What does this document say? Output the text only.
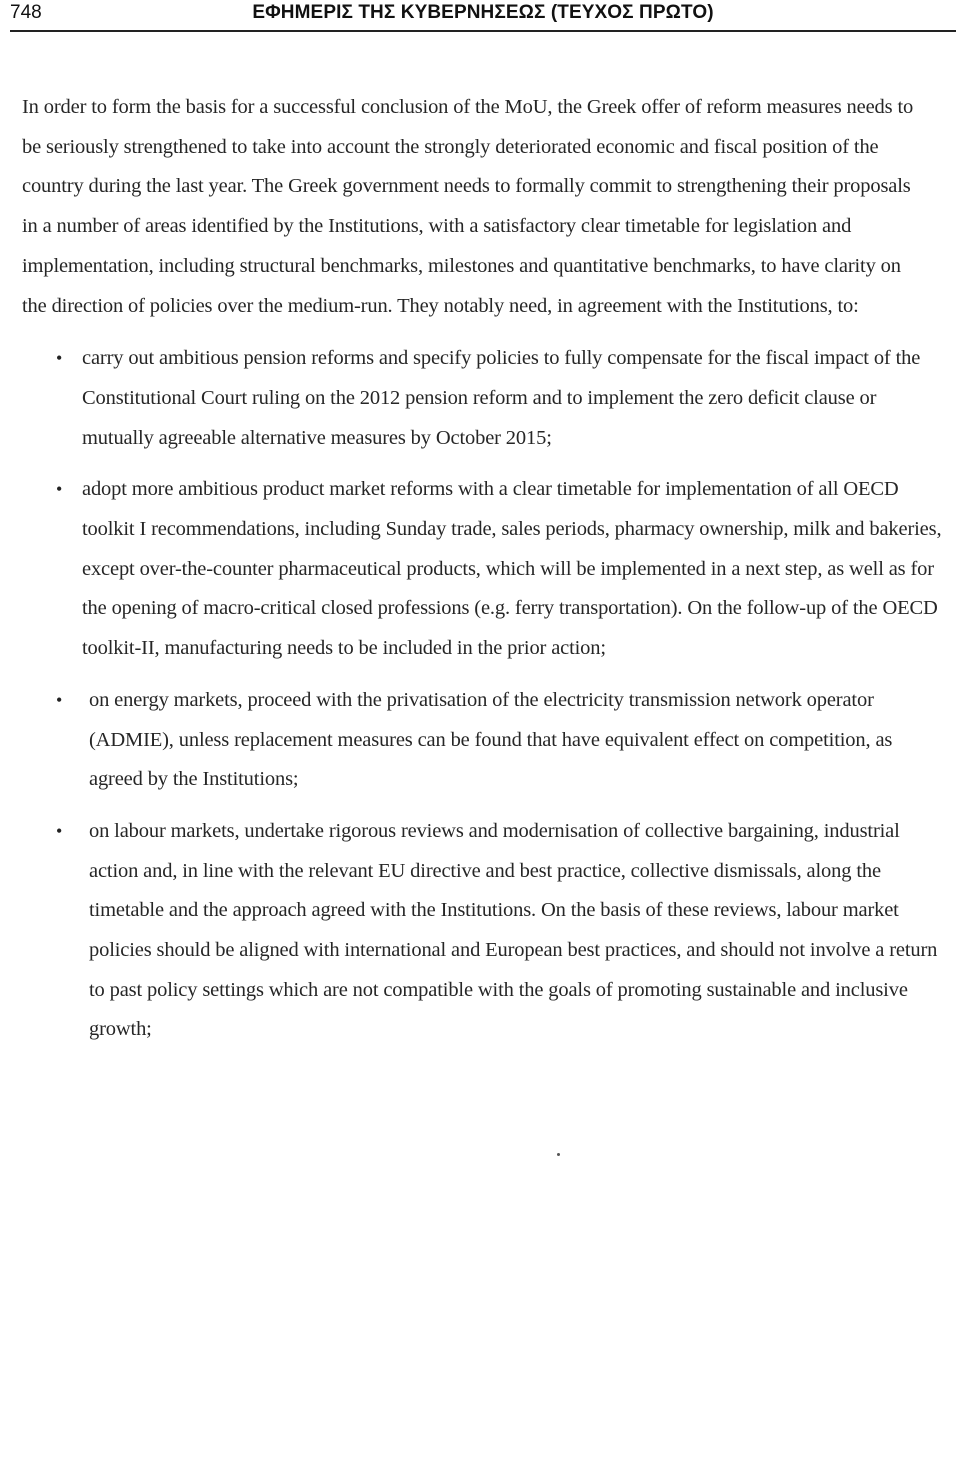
748	ΕΦΗΜΕΡΙΣ ΤΗΣ ΚΥΒΕΡΝΗΣΕΩΣ (ΤΕΥΧΟΣ ΠΡΩΤΟ)

In order to form the basis for a successful conclusion of the MoU, the Greek offer of reform measures needs to be seriously strengthened to take into account the strongly deteriorated economic and fiscal position of the country during the last year. The Greek government needs to formally commit to strengthening their proposals in a number of areas identified by the Institutions, with a satisfactory clear timetable for legislation and implementation, including structural benchmarks, milestones and quantitative benchmarks, to have clarity on the direction of policies over the medium-run. They notably need, in agreement with the Institutions, to:

• carry out ambitious pension reforms and specify policies to fully compensate for the fiscal impact of the Constitutional Court ruling on the 2012 pension reform and to implement the zero deficit clause or mutually agreeable alternative measures by October 2015;

• adopt more ambitious product market reforms with a clear timetable for implementation of all OECD toolkit I recommendations, including Sunday trade, sales periods, pharmacy ownership, milk and bakeries, except over-the-counter pharmaceutical products, which will be implemented in a next step, as well as for the opening of macro-critical closed professions (e.g. ferry transportation). On the follow-up of the OECD toolkit-II, manufacturing needs to be included in the prior action;

•	on energy markets, proceed with the privatisation of the electricity transmission network operator (ADMIE), unless replacement measures can be found that have equivalent effect on competition, as agreed by the Institutions;

•	on labour markets, undertake rigorous reviews and modernisation of collective bargaining, industrial action and, in line with the relevant EU directive and best practice, collective dismissals, along the timetable and the approach agreed with the Institutions. On the basis of these reviews, labour market policies should be aligned with international and European best practices, and should not involve a return to past policy settings which are not compatible with the goals of promoting sustainable and inclusive growth;
